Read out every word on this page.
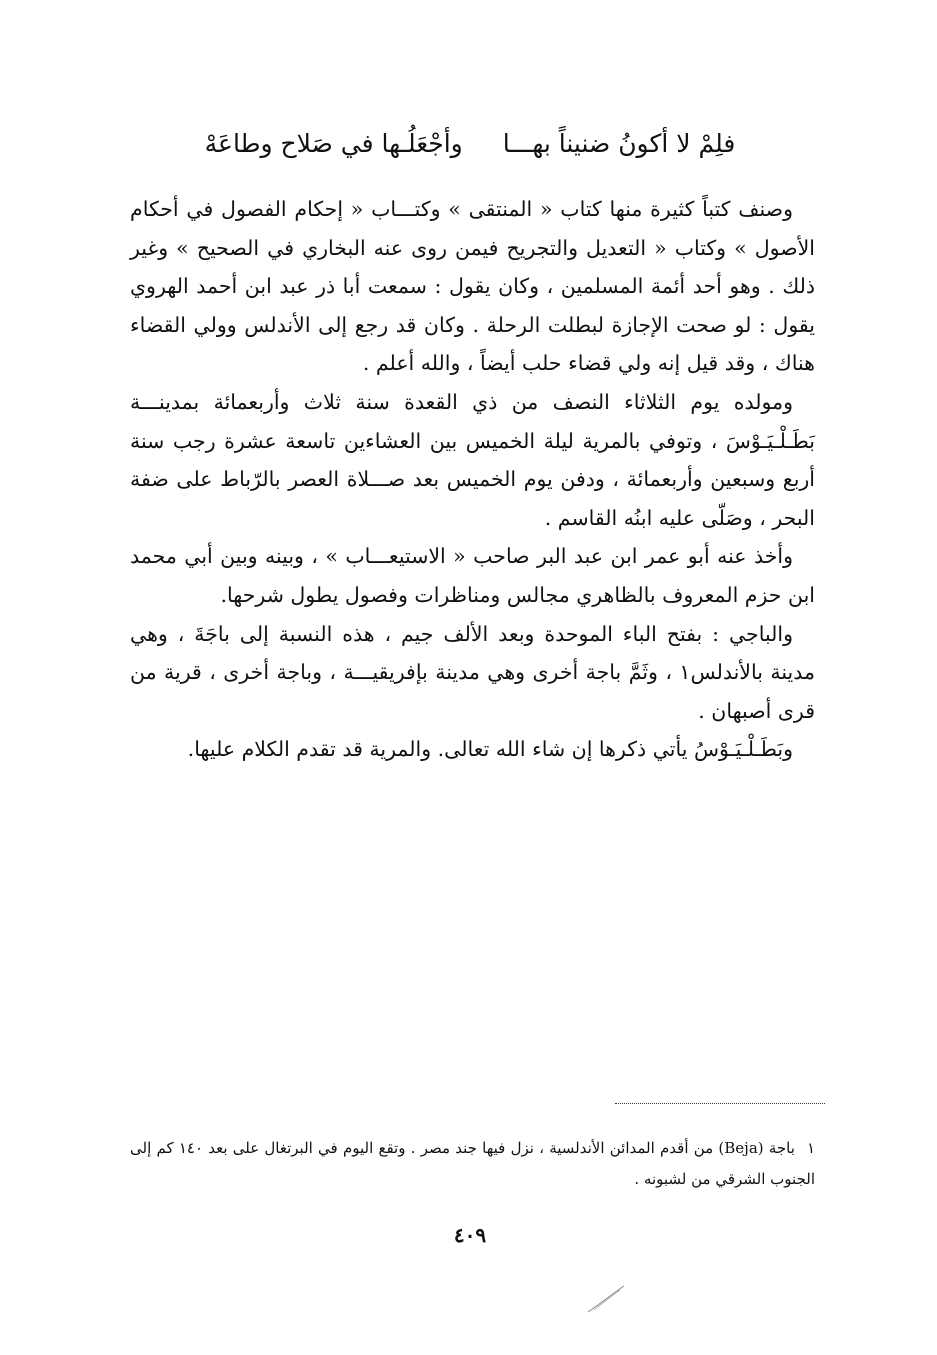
فلِمْ لا أكونُ ضنيناً بهـــاوأجْعَلُـها في صَلاح وطاعَهْ

وصنف كتباً كثيرة منها كتاب « المنتقى » وكتـــاب « إحكام الفصول في أحكام الأصول » وكتاب « التعديل والتجريح فيمن روى عنه البخاري في الصحيح » وغير ذلك . وهو أحد أئمة المسلمين ، وكان يقول : سمعت أبا ذر عبد ابن أحمد الهروي يقول : لو صحت الإجازة لبطلت الرحلة . وكان قد رجع إلى الأندلس وولي القضاء هناك ، وقد قيل إنه ولي قضاء حلب أيضاً ، والله أعلم .

ومولده يوم الثلاثاء النصف من ذي القعدة سنة ثلاث وأربعمائة بمدينـــة بَطَـلْـيَـوْسَ ، وتوفي بالمرية ليلة الخميس بين العشاءين تاسعة عشرة رجب سنة أربع وسبعين وأربعمائة ، ودفن يوم الخميس بعد صـــلاة العصر بالرّباط على ضفة البحر ، وصَلّى عليه ابنُه القاسم .

وأخذ عنه أبو عمر ابن عبد البر صاحب « الاستيعـــاب » ، وبينه وبين أبي محمد ابن حزم المعروف بالظاهري مجالس ومناظرات وفصول يطول شرحها.

والباجي : بفتح الباء الموحدة وبعد الألف جيم ، هذه النسبة إلى باجَةَ ، وهي مدينة بالأندلس١ ، وثَمَّ باجة أخرى وهي مدينة بإفريقيـــة ، وباجة أخرى ، قرية من قرى أصبهان .

وبَطَـلْـيَـوْسُ يأتي ذكرها إن شاء الله تعالى. والمرية قد تقدم الكلام عليها.

١باجة (Beja) من أقدم المدائن الأندلسية ، نزل فيها جند مصر . وتقع اليوم في البرتغال على بعد ١٤٠ كم إلى الجنوب الشرقي من لشبونه .
٤٠٩
